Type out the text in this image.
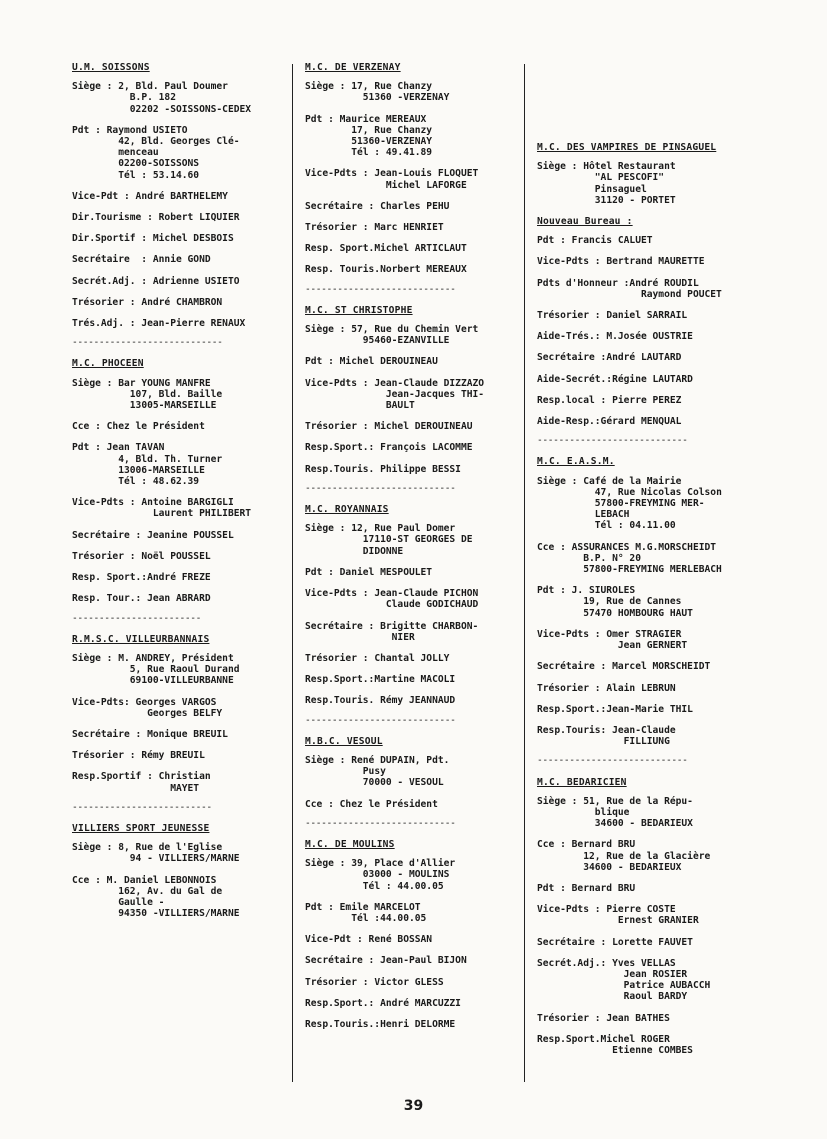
U.M. SOISSONS
Siège : 2, Bld. Paul Doumer
B.P. 182
02202 -SOISSONS-CEDEX
Pdt : Raymond USIETO
42, Bld. Georges Clé-
menceau
02200-SOISSONS
Tél : 53.14.60
Vice-Pdt : André BARTHELEMY
Dir.Tourisme : Robert LIQUIER
Dir.Sportif : Michel DESBOIS
Secrétaire  : Annie GOND
Secrét.Adj. : Adrienne USIETO
Trésorier : André CHAMBRON
Trés.Adj. : Jean-Pierre RENAUX
----------------------------
M.C. PHOCEEN
Siège : Bar YOUNG MANFRE
107, Bld. Baille
13005-MARSEILLE
Cce : Chez le Président
Pdt : Jean TAVAN
4, Bld. Th. Turner
13006-MARSEILLE
Tél : 48.62.39
Vice-Pdts : Antoine BARGIGLI
Laurent PHILIBERT
Secrétaire : Jeanine POUSSEL
Trésorier : Noël POUSSEL
Resp. Sport.: André FREZE
Resp. Tour.: Jean ABRARD
------------------------
R.M.S.C. VILLEURBANNAIS
Siège : M. ANDREY, Président
5, Rue Raoul Durand
69100-VILLEURBANNE
Vice-Pdts: Georges VARGOS
Georges BELFY
Secrétaire : Monique BREUIL
Trésorier : Rémy BREUIL
Resp.Sportif : Christian
MAYET
--------------------------
VILLIERS SPORT JEUNESSE
Siège : 8, Rue de l'Eglise
94 - VILLIERS/MARNE
Cce : M. Daniel LEBONNOIS
162, Av. du Gal de
Gaulle -
94350 -VILLIERS/MARNE
M.C. DE VERZENAY
Siège : 17, Rue Chanzy
51360 -VERZENAY
Pdt : Maurice MEREAUX
17, Rue Chanzy
51360-VERZENAY
Tél : 49.41.89
Vice-Pdts : Jean-Louis FLOQUET
Michel LAFORGE
Secrétaire : Charles PEHU
Trésorier : Marc HENRIET
Resp. Sport. Michel ARTICLAUT
Resp. Touris. Norbert MEREAUX
----------------------------
M.C. ST CHRISTOPHE
Siège : 57, Rue du Chemin Vert
95460-EZANVILLE
Pdt : Michel DEROUINEAU
Vice-Pdts : Jean-Claude DIZZAZO
Jean-Jacques THI-
BAULT
Trésorier : Michel DEROUINEAU
Resp.Sport.: François LACOMME
Resp.Touris. Philippe BESSI
----------------------------
M.C. ROYANNAIS
Siège : 12, Rue Paul Domer
17110-ST GEORGES DE
DIDONNE
Pdt : Daniel MESPOULET
Vice-Pdts : Jean-Claude PICHON
Claude GODICHAUD
Secrétaire : Brigitte CHARBON-
NIER
Trésorier : Chantal JOLLY
Resp.Sport.: Martine MACOLI
Resp.Touris. Rémy JEANNAUD
----------------------------
M.B.C. VESOUL
Siège : René DUPAIN, Pdt.
Pusy
70000 - VESOUL
Cce : Chez le Président
----------------------------
M.C. DE MOULINS
Siège : 39, Place d'Allier
03000 - MOULINS
Tél : 44.00.05
Pdt : Emile MARCELOT
Tél :44.00.05
Vice-Pdt : René BOSSAN
Secrétaire : Jean-Paul BIJON
Trésorier : Victor GLESS
Resp.Sport.: André MARCUZZI
Resp.Touris.: Henri DELORME
M.C. DES VAMPIRES DE PINSAGUEL
Siège : Hôtel Restaurant
"AL PESCOFI"
Pinsaguel
31120 - PORTET
Nouveau Bureau :
Pdt : Francis CALUET
Vice-Pdts : Bertrand MAURETTE
Pdts d'Honneur : André ROUDIL
Raymond POUCET
Trésorier : Daniel SARRAIL
Aide-Trés.: M.Josée OUSTRIE
Secrétaire : André LAUTARD
Aide-Secrét.: Régine LAUTARD
Resp.local : Pierre PEREZ
Aide-Resp.: Gérard MENQUAL
----------------------------
M.C. E.A.S.M.
Siège : Café de la Mairie
47, Rue Nicolas Colson
57800-FREYMING MER-
LEBACH
Tél : 04.11.00
Cce : ASSURANCES M.G.MORSCHEIDT
B.P. N° 20
57800-FREYMING MERLEBACH
Pdt : J. SIUROLES
19, Rue de Cannes
57470 HOMBOURG HAUT
Vice-Pdts : Omer STRAGIER
Jean GERNERT
Secrétaire : Marcel MORSCHEIDT
Trésorier : Alain LEBRUN
Resp.Sport.: Jean-Marie THIL
Resp.Touris: Jean-Claude
FILLIUNG
----------------------------
M.C. BEDARICIEN
Siège : 51, Rue de la Répu-
blique
34600 - BEDARIEUX
Cce : Bernard BRU
12, Rue de la Glacière
34600 - BEDARIEUX
Pdt : Bernard BRU
Vice-Pdts : Pierre COSTE
Ernest GRANIER
Secrétaire : Lorette FAUVET
Secrét.Adj.: Yves VELLAS
Jean ROSIER
Patrice AUBACCH
Raoul BARDY
Trésorier : Jean BATHES
Resp.Sport. Michel ROGER
Etienne COMBES
39
